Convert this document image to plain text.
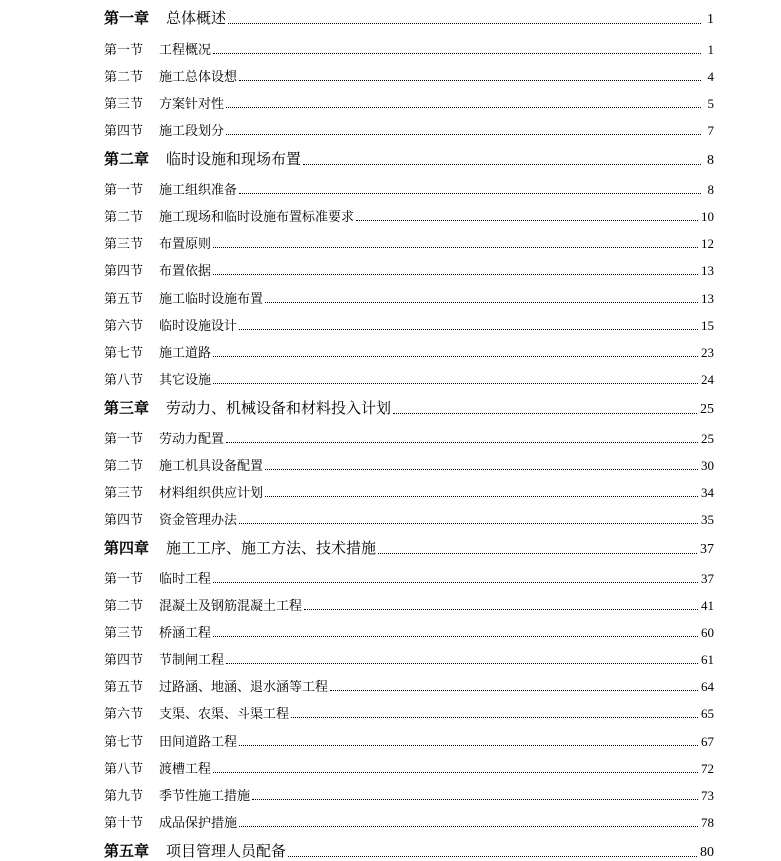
第一章	总体概述	1
第一节	工程概况	1
第二节	施工总体设想	4
第三节	方案针对性	5
第四节	施工段划分	7
第二章	临时设施和现场布置	8
第一节	施工组织准备	8
第二节	施工现场和临时设施布置标准要求	10
第三节	布置原则	12
第四节	布置依据	13
第五节	施工临时设施布置	13
第六节	临时设施设计	15
第七节	施工道路	23
第八节	其它设施	24
第三章	劳动力、机械设备和材料投入计划	25
第一节	劳动力配置	25
第二节	施工机具设备配置	30
第三节	材料组织供应计划	34
第四节	资金管理办法	35
第四章	施工工序、施工方法、技术措施	37
第一节	临时工程	37
第二节	混凝土及钢筋混凝土工程	41
第三节	桥涵工程	60
第四节	节制闸工程	61
第五节	过路涵、地涵、退水涵等工程	64
第六节	支渠、农渠、斗渠工程	65
第七节	田间道路工程	67
第八节	渡槽工程	72
第九节	季节性施工措施	73
第十节	成品保护措施	78
第五章	项目管理人员配备	80
